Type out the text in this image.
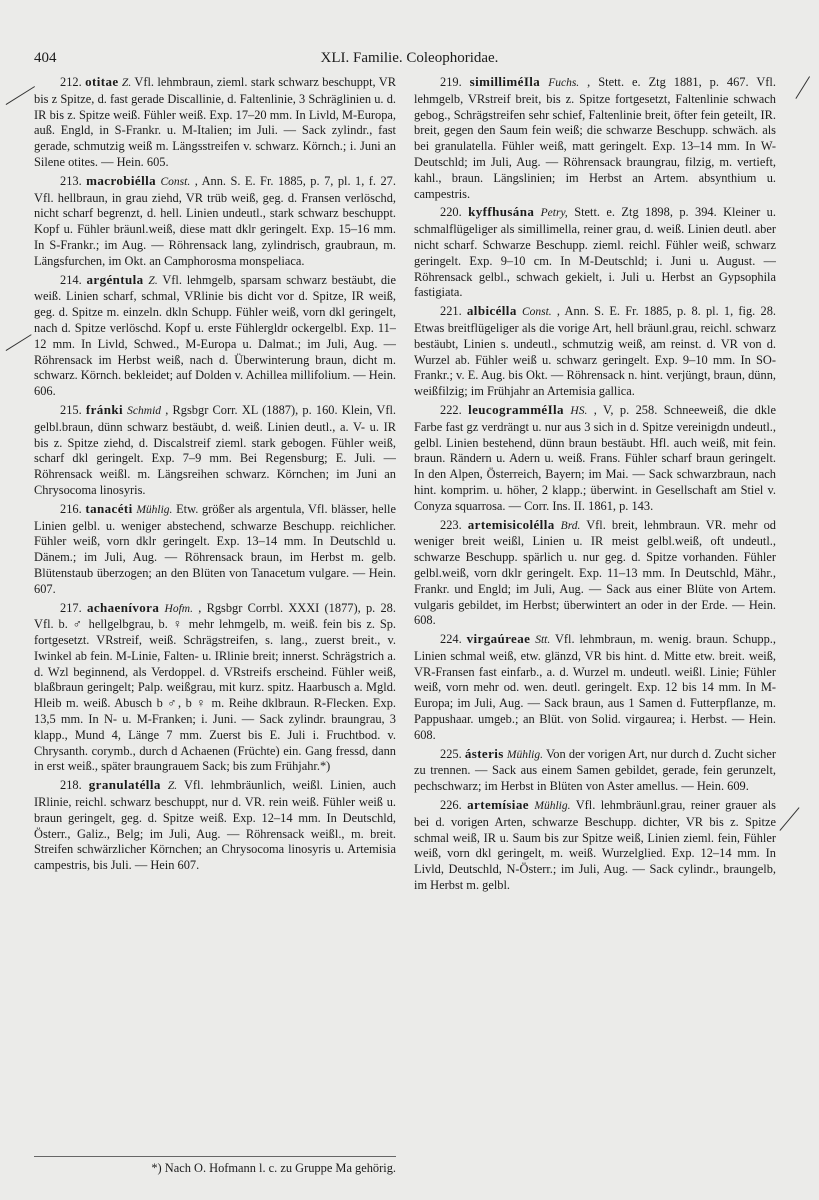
404	XLI. Familie. Coleophoridae.

212. otitae Z. Vfl. lehmbraun, zieml. stark schwarz beschuppt, VR bis z Spitze, d. fast gerade Discallinie, d. Faltenlinie, 3 Schräglinien u. d. IR bis z. Spitze weiß. Fühler weiß. Exp. 17–20 mm. In Livld, M-Europa, auß. Engld, in S-Frankr. u. M-Italien; im Juli. — Sack zylindr., fast gerade, schmutzig weiß m. Längsstreifen v. schwarz. Körnch.; i. Juni an Silene otites. — Hein. 605.

213. macrobiélla Const. , Ann. S. E. Fr. 1885, p. 7, pl. 1, f. 27. Vfl. hellbraun, in grau ziehd, VR trüb weiß, geg. d. Fransen verlöschd, nicht scharf begrenzt, d. hell. Linien undeutl., stark schwarz beschuppt. Kopf u. Fühler bräunl.weiß, diese matt dklr geringelt. Exp. 15–16 mm. In S-Frankr.; im Aug. — Röhrensack lang, zylindrisch, graubraun, m. Längsfurchen, im Okt. an Camphorosma monspeliaca.

214. argéntula Z. Vfl. lehmgelb, sparsam schwarz bestäubt, die weiß. Linien scharf, schmal, VRlinie bis dicht vor d. Spitze, IR weiß, geg. d. Spitze m. einzeln. dkln Schupp. Fühler weiß, vorn dkl geringelt, nach d. Spitze verlöschd. Kopf u. erste Fühlergldr ockergelbl. Exp. 11–12 mm. In Livld, Schwed., M-Europa u. Dalmat.; im Juli, Aug. — Röhrensack im Herbst weiß, nach d. Überwinterung braun, dicht m. schwarz. Körnch. bekleidet; auf Dolden v. Achillea millifolium. — Hein. 606.

215. fránki Schmid , Rgsbgr Corr. XL (1887), p. 160. Klein, Vfl. gelbl.braun, dünn schwarz bestäubt, d. weiß. Linien deutl., a. V- u. IR bis z. Spitze ziehd, d. Discalstreif zieml. stark gebogen. Fühler weiß, scharf dkl geringelt. Exp. 7–9 mm. Bei Regensburg; E. Juli. — Röhrensack weißl. m. Längsreihen schwarz. Körnchen; im Juni an Chrysocoma linosyris.

216. tanacéti Mühlig. Etw. größer als argentula, Vfl. blässer, helle Linien gelbl. u. weniger abstechend, schwarze Beschupp. reichlicher. Fühler weiß, vorn dklr geringelt. Exp. 13–14 mm. In Deutschld u. Dänem.; im Juli, Aug. — Röhrensack braun, im Herbst m. gelb. Blütenstaub überzogen; an den Blüten von Tanacetum vulgare. — Hein. 607.

217. achaenívora Hofm. , Rgsbgr Corrbl. XXXI (1877), p. 28. Vfl. b. ♂ hellgelbgrau, b. ♀ mehr lehmgelb, m. weiß. fein bis z. Sp. fortgesetzt. VRstreif, weiß. Schrägstreifen, s. lang., zuerst breit., v. Iwinkel ab fein. M-Linie, Falten- u. IRlinie breit; innerst. Schrägstrich a. d. Wzl beginnend, als Verdoppel. d. VRstreifs erscheind. Fühler weiß, blaßbraun geringelt; Palp. weißgrau, mit kurz. spitz. Haarbusch a. Mgld. Hleib m. weiß. Abusch b ♂, b ♀ m. Reihe dklbraun. R-Flecken. Exp. 13,5 mm. In N- u. M-Franken; i. Juni. — Sack zylindr. braungrau, 3 klapp., Mund 4, Länge 7 mm. Zuerst bis E. Juli i. Fruchtbod. v. Chrysanth. corymb., durch d Achaenen (Früchte) ein. Gang fressd, dann in erst weiß., später braungrauem Sack; bis zum Frühjahr.*)

218. granulatélla Z. Vfl. lehmbräunlich, weißl. Linien, auch IRlinie, reichl. schwarz beschuppt, nur d. VR. rein weiß. Fühler weiß u. braun geringelt, geg. d. Spitze weiß. Exp. 12–14 mm. In Deutschld, Österr., Galiz., Belg; im Juli, Aug. — Röhrensack weißl., m. breit. Streifen schwärzlicher Körnchen; an Chrysocoma linosyris u. Artemisia campestris, bis Juli. — Hein 607.

219. similliméIla Fuchs. , Stett. e. Ztg 1881, p. 467. Vfl. lehmgelb, VRstreif breit, bis z. Spitze fortgesetzt, Faltenlinie schwach gebog., Schrägstreifen sehr schief, Faltenlinie breit, öfter fein geteilt, IR. breit, gegen den Saum fein weiß; die schwarze Beschupp. schwäch. als bei granulatella. Fühler weiß, matt geringelt. Exp. 13–14 mm. In W-Deutschld; im Juli, Aug. — Röhrensack braungrau, filzig, m. vertieft, kahl., braun. Längslinien; im Herbst an Artem. absynthium u. campestris.

220. kyffhusána Petry, Stett. e. Ztg 1898, p. 394. Kleiner u. schmalflügeliger als simillimella, reiner grau, d. weiß. Linien deutl. aber nicht scharf. Schwarze Beschupp. zieml. reichl. Fühler weiß, schwarz geringelt. Exp. 9–10 cm. In M-Deutschld; i. Juni u. August. — Röhrensack gelbl., schwach gekielt, i. Juli u. Herbst an Gypsophila fastigiata.

221. albicélla Const. , Ann. S. E. Fr. 1885, p. 8. pl. 1, fig. 28. Etwas breitflügeliger als die vorige Art, hell bräunl.grau, reichl. schwarz bestäubt, Linien s. undeutl., schmutzig weiß, am reinst. d. VR von d. Wurzel ab. Fühler weiß u. schwarz geringelt. Exp. 9–10 mm. In SO-Frankr.; v. E. Aug. bis Okt. — Röhrensack n. hint. verjüngt, braun, dünn, weißfilzig; im Frühjahr an Artemisia gallica.

222. leucogramméIla HS. , V, p. 258. Schneeweiß, die dkle Farbe fast gz verdrängt u. nur aus 3 sich in d. Spitze vereinigdn undeutl., gelbl. Linien bestehend, dünn braun bestäubt. Hfl. auch weiß, mit fein. braun. Rändern u. Adern u. weiß. Frans. Fühler scharf braun geringelt. In den Alpen, Österreich, Bayern; im Mai. — Sack schwarzbraun, nach hint. komprim. u. höher, 2 klapp.; überwint. in Gesellschaft am Stiel v. Conyza squarrosa. — Corr. Ins. II. 1861, p. 143.

223. artemisicolélla Brd. Vfl. breit, lehmbraun. VR. mehr od weniger breit weißl, Linien u. IR meist gelbl.weiß, oft undeutl., schwarze Beschupp. spärlich u. nur geg. d. Spitze vorhanden. Fühler gelbl.weiß, vorn dklr geringelt. Exp. 11–13 mm. In Deutschld, Mähr., Frankr. und Engld; im Juli, Aug. — Sack aus einer Blüte von Artem. vulgaris gebildet, im Herbst; überwintert an oder in der Erde. — Hein. 608.

224. virgaúreae Stt. Vfl. lehmbraun, m. wenig. braun. Schupp., Linien schmal weiß, etw. glänzd, VR bis hint. d. Mitte etw. breit. weiß, VR-Fransen fast einfarb., a. d. Wurzel m. undeutl. weißl. Linie; Fühler weiß, vorn mehr od. wen. deutl. geringelt. Exp. 12 bis 14 mm. In M-Europa; im Juli, Aug. — Sack braun, aus 1 Samen d. Futterpflanze, m. Pappushaar. umgeb.; an Blüt. von Solid. virgaurea; i. Herbst. — Hein. 608.

225. ásteris Mühlig. Von der vorigen Art, nur durch d. Zucht sicher zu trennen. — Sack aus einem Samen gebildet, gerade, fein gerunzelt, pechschwarz; im Herbst in Blüten von Aster amellus. — Hein. 609.

226. artemísiae Mühlig. Vfl. lehmbräunl.grau, reiner grauer als bei d. vorigen Arten, schwarze Beschupp. dichter, VR bis z. Spitze schmal weiß, IR u. Saum bis zur Spitze weiß, Linien zieml. fein, Fühler weiß, vorn dkl geringelt, m. weiß. Wurzelglied. Exp. 12–14 mm. In Livld, Deutschld, N-Österr.; im Juli, Aug. — Sack cylindr., braungelb, im Herbst m. gelbl.

*) Nach O. Hofmann l. c. zu Gruppe Ma gehörig.
